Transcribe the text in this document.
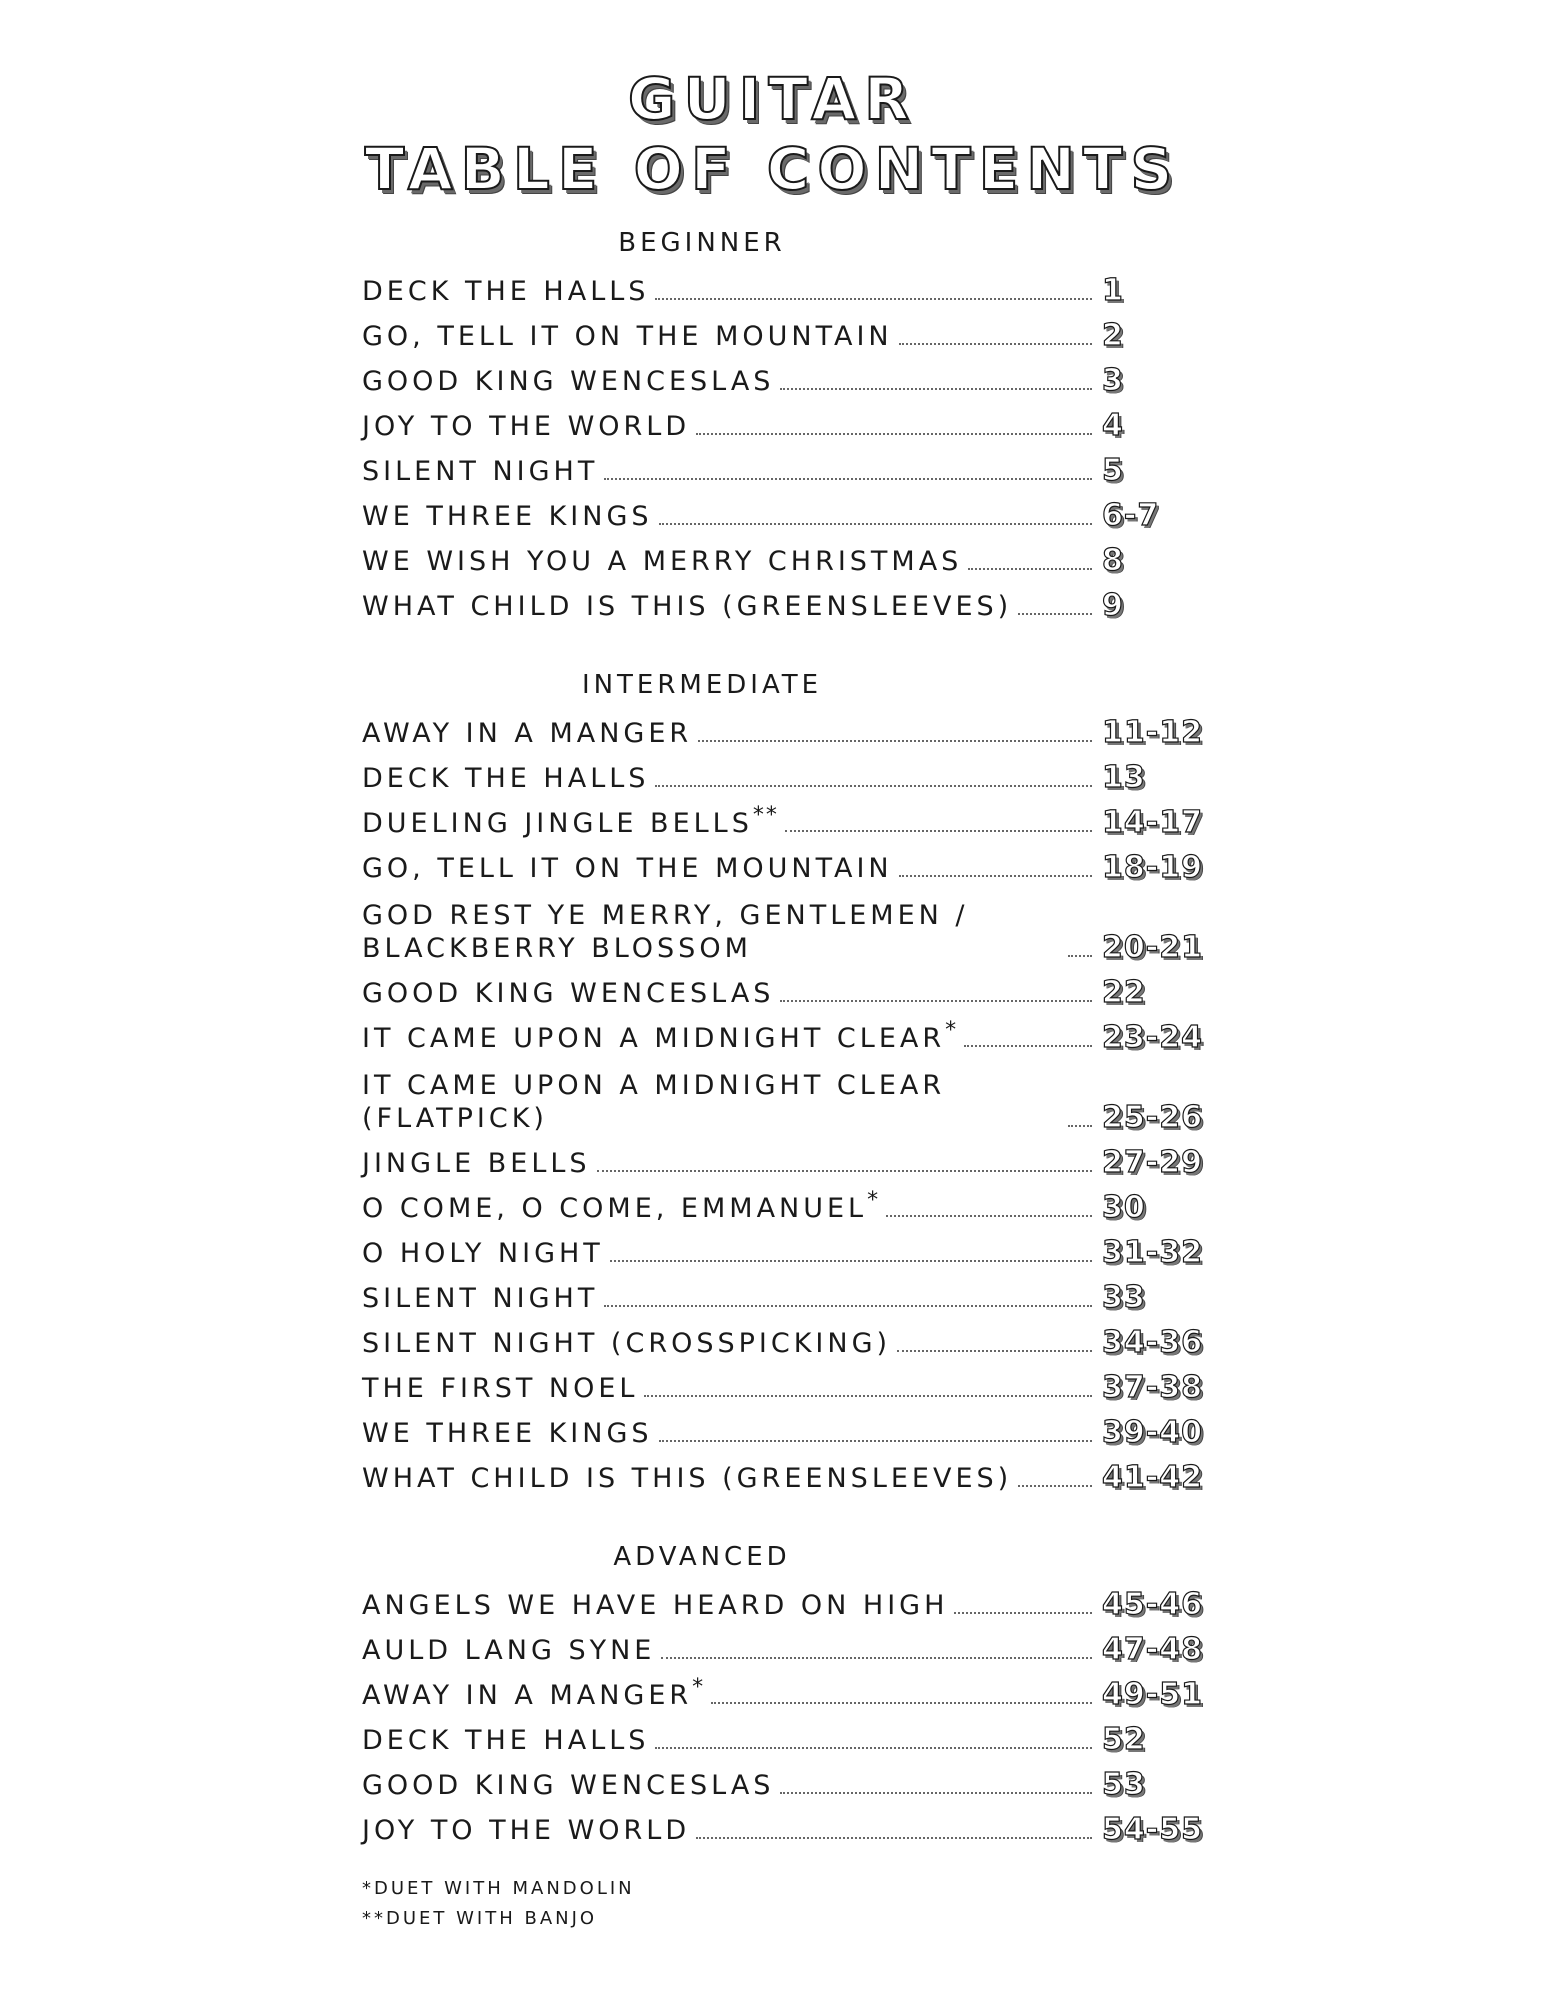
GUITAR
TABLE OF CONTENTS
BEGINNER
DECK THE HALLS	1
GO, TELL IT ON THE MOUNTAIN	2
GOOD KING WENCESLAS	3
JOY TO THE WORLD	4
SILENT NIGHT	5
WE THREE KINGS	6-7
WE WISH YOU A MERRY CHRISTMAS	8
WHAT CHILD IS THIS (GREENSLEEVES)	9
INTERMEDIATE
AWAY IN A MANGER	11-12
DECK THE HALLS	13
DUELING JINGLE BELLS**	14-17
GO, TELL IT ON THE MOUNTAIN	18-19
GOD REST YE MERRY, GENTLEMEN / BLACKBERRY BLOSSOM	20-21
GOOD KING WENCESLAS	22
IT CAME UPON A MIDNIGHT CLEAR*	23-24
IT CAME UPON A MIDNIGHT CLEAR (FLATPICK)	25-26
JINGLE BELLS	27-29
O COME, O COME, EMMANUEL*	30
O HOLY NIGHT	31-32
SILENT NIGHT	33
SILENT NIGHT (CROSSPICKING)	34-36
THE FIRST NOEL	37-38
WE THREE KINGS	39-40
WHAT CHILD IS THIS (GREENSLEEVES)	41-42
ADVANCED
ANGELS WE HAVE HEARD ON HIGH	45-46
AULD LANG SYNE	47-48
AWAY IN A MANGER*	49-51
DECK THE HALLS	52
GOOD KING WENCESLAS	53
JOY TO THE WORLD	54-55
*DUET WITH MANDOLIN
**DUET WITH BANJO
